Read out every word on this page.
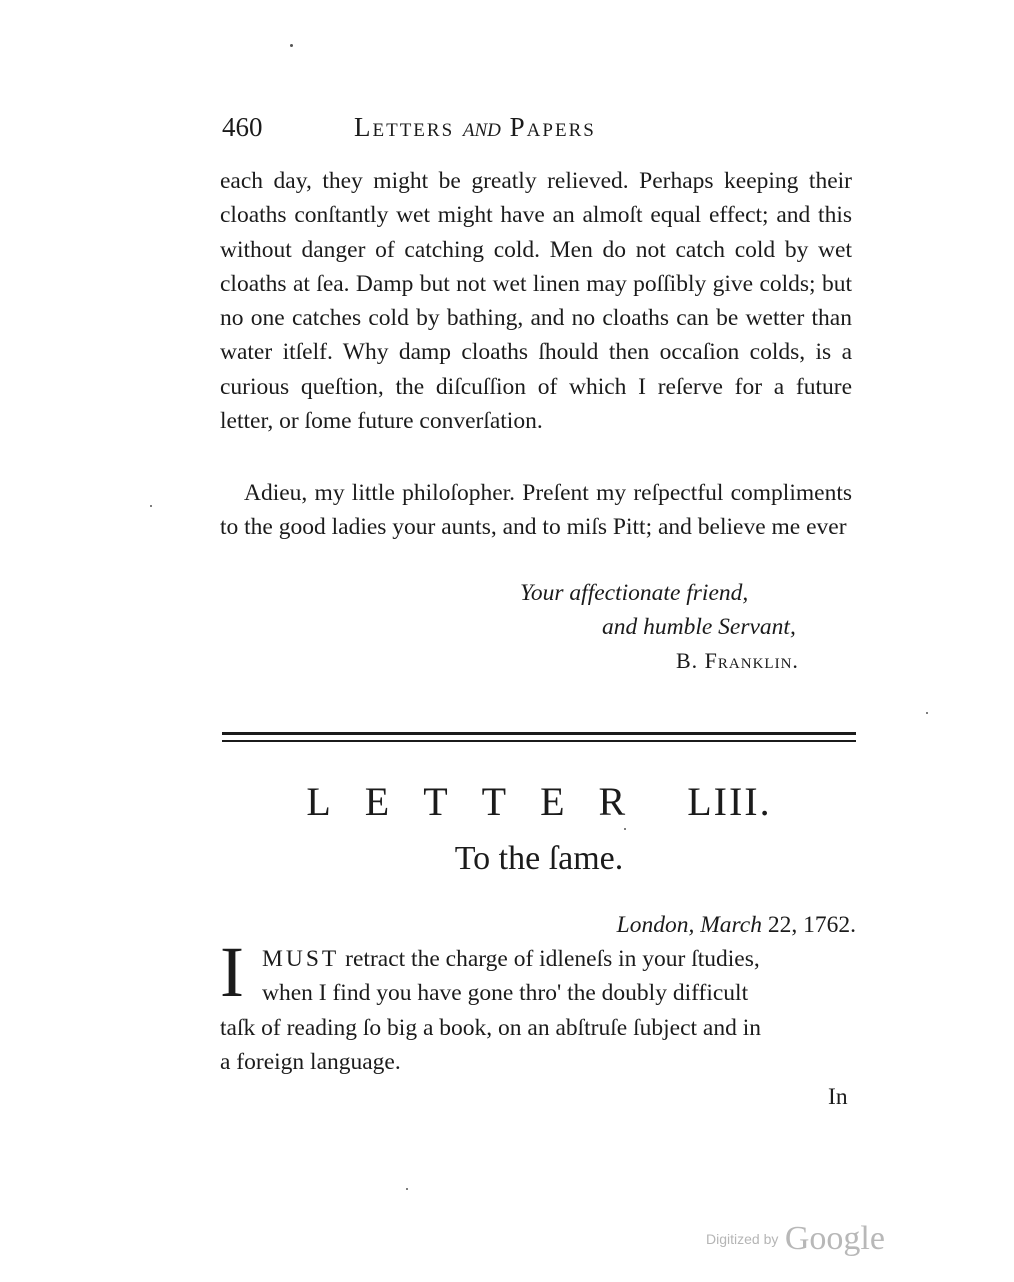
460	Letters and Papers
each day, they might be greatly relieved. Perhaps keeping their cloaths conſtantly wet might have an almoſt equal effect; and this without danger of catching cold. Men do not catch cold by wet cloaths at ſea. Damp but not wet linen may poſſibly give colds; but no one catches cold by bathing, and no cloaths can be wetter than water itſelf. Why damp cloaths ſhould then occaſion colds, is a curious queſtion, the diſcuſſion of which I reſerve for a future letter, or ſome future converſation.
Adieu, my little philoſopher. Preſent my reſpectful compliments to the good ladies your aunts, and to miſs Pitt; and believe me ever
Your affectionate friend,
and humble Servant,
B. Franklin.
LETTER LIII.
To the ſame.
London, March 22, 1762.
I MUST retract the charge of idleneſs in your ſtudies,
when I find you have gone thro' the doubly difficult
taſk of reading ſo big a book, on an abſtruſe ſubject and in
a foreign language.
In
Digitized by Google
